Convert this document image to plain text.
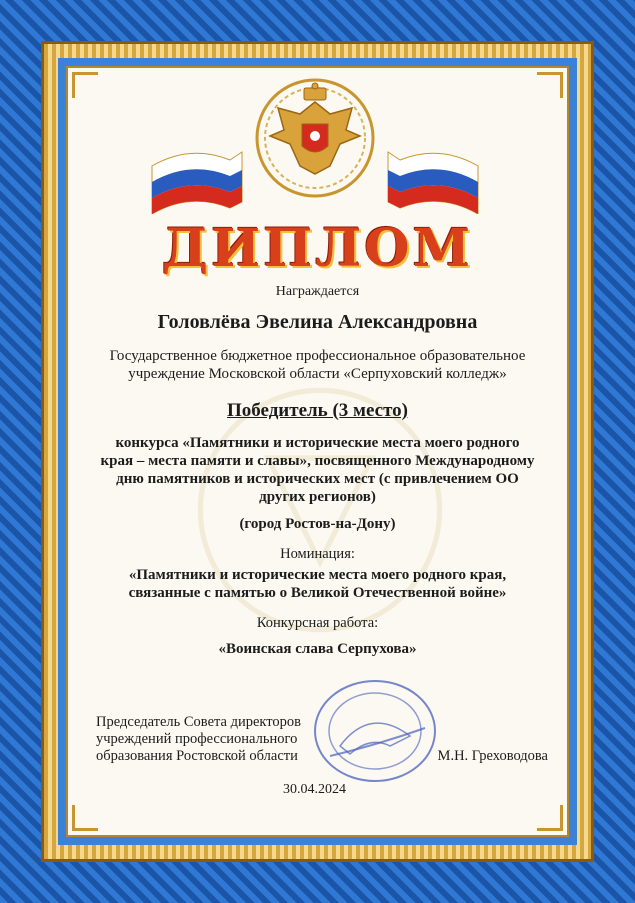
ДИПЛОМ
Награждается
Головлёва Эвелина Александровна
Государственное бюджетное профессиональное образовательное
учреждение Московской области «Серпуховский колледж»
Победитель (3 место)
конкурса «Памятники и исторические места моего родного
края – места памяти и славы», посвященного Международному
дню памятников и исторических мест (с привлечением ОО
других регионов)
(город Ростов-на-Дону)
Номинация:
«Памятники и исторические места моего родного края,
связанные с памятью о Великой Отечественной войне»
Конкурсная работа:
«Воинская слава Серпухова»
Председатель Совета директоров
учреждений профессионального
образования Ростовской области	М.Н. Греховодова
30.04.2024
